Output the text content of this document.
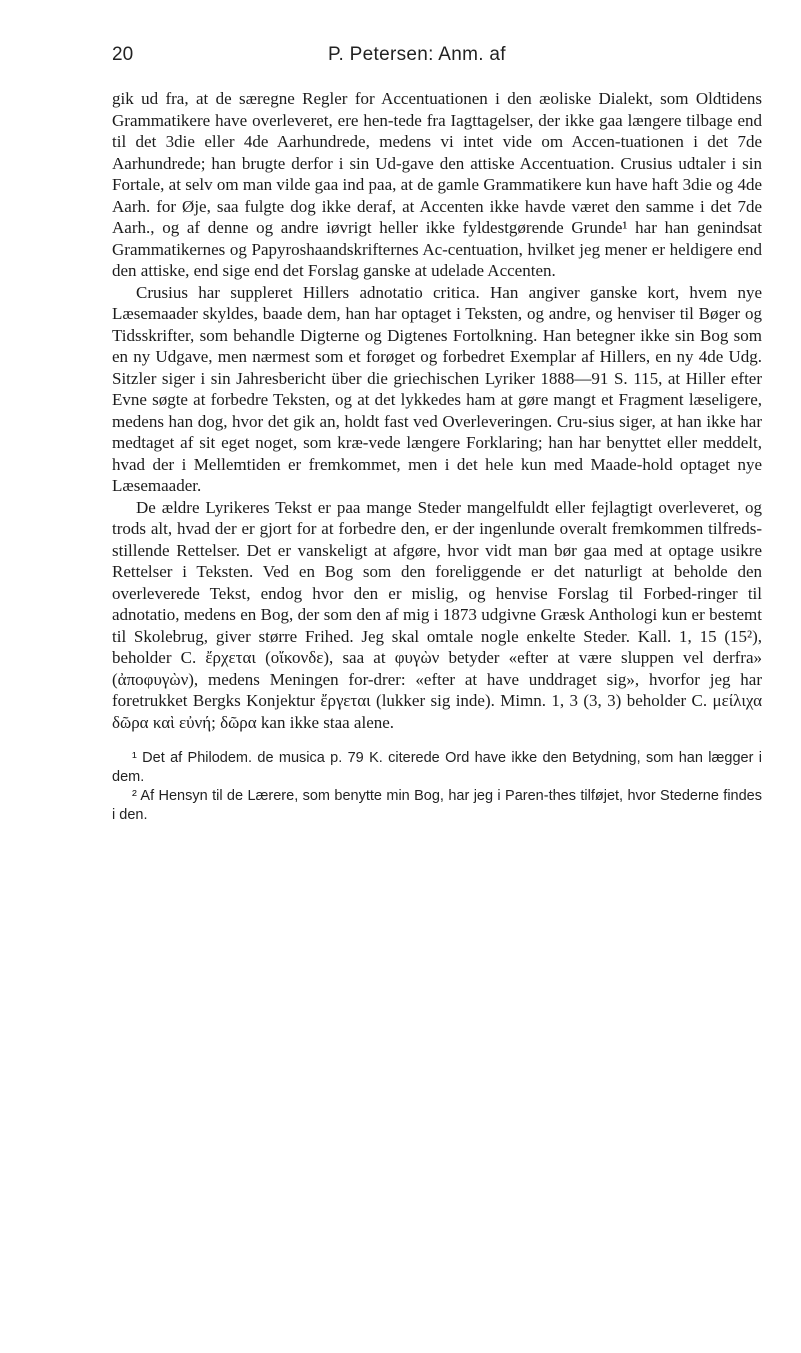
20	P. Petersen: Anm. af

gik ud fra, at de særegne Regler for Accentuationen i den æoliske Dialekt, som Oldtidens Grammatikere have overleveret, ere hen-tede fra Iagttagelser, der ikke gaa længere tilbage end til det 3die eller 4de Aarhundrede, medens vi intet vide om Accen-tuationen i det 7de Aarhundrede; han brugte derfor i sin Ud-gave den attiske Accentuation. Crusius udtaler i sin Fortale, at selv om man vilde gaa ind paa, at de gamle Grammatikere kun have haft 3die og 4de Aarh. for Øje, saa fulgte dog ikke deraf, at Accenten ikke havde været den samme i det 7de Aarh., og af denne og andre iøvrigt heller ikke fyldestgørende Grunde¹ har han genindsat Grammatikernes og Papyroshaandskrifternes Ac-centuation, hvilket jeg mener er heldigere end den attiske, end sige end det Forslag ganske at udelade Accenten.

Crusius har suppleret Hillers adnotatio critica. Han angiver ganske kort, hvem nye Læsemaader skyldes, baade dem, han har optaget i Teksten, og andre, og henviser til Bøger og Tidsskrifter, som behandle Digterne og Digtenes Fortolkning. Han betegner ikke sin Bog som en ny Udgave, men nærmest som et forøget og forbedret Exemplar af Hillers, en ny 4de Udg. Sitzler siger i sin Jahresbericht über die griechischen Lyriker 1888—91 S. 115, at Hiller efter Evne søgte at forbedre Teksten, og at det lykkedes ham at gøre mangt et Fragment læseligere, medens han dog, hvor det gik an, holdt fast ved Overleveringen. Cru-sius siger, at han ikke har medtaget af sit eget noget, som kræ-vede længere Forklaring; han har benyttet eller meddelt, hvad der i Mellemtiden er fremkommet, men i det hele kun med Maade-hold optaget nye Læsemaader.

De ældre Lyrikeres Tekst er paa mange Steder mangelfuldt eller fejlagtigt overleveret, og trods alt, hvad der er gjort for at forbedre den, er der ingenlunde overalt fremkommen tilfreds-stillende Rettelser. Det er vanskeligt at afgøre, hvor vidt man bør gaa med at optage usikre Rettelser i Teksten. Ved en Bog som den foreliggende er det naturligt at beholde den overleverede Tekst, endog hvor den er mislig, og henvise Forslag til Forbed-ringer til adnotatio, medens en Bog, der som den af mig i 1873 udgivne Græsk Anthologi kun er bestemt til Skolebrug, giver større Frihed. Jeg skal omtale nogle enkelte Steder. Kall. 1, 15 (15²), beholder C. ἔρχεται (οἴκονδε), saa at φυγὼν betyder «efter at være sluppen vel derfra» (ἀποφυγὼν), medens Meningen for-drer: «efter at have unddraget sig», hvorfor jeg har foretrukket Bergks Konjektur ἔργεται (lukker sig inde). Mimn. 1, 3 (3, 3) beholder C. μείλιχα δῶρα καὶ εὐνή; δῶρα kan ikke staa alene.

¹ Det af Philodem. de musica p. 79 K. citerede Ord have ikke den Betydning, som han lægger i dem.

² Af Hensyn til de Lærere, som benytte min Bog, har jeg i Paren-thes tilføjet, hvor Stederne findes i den.
